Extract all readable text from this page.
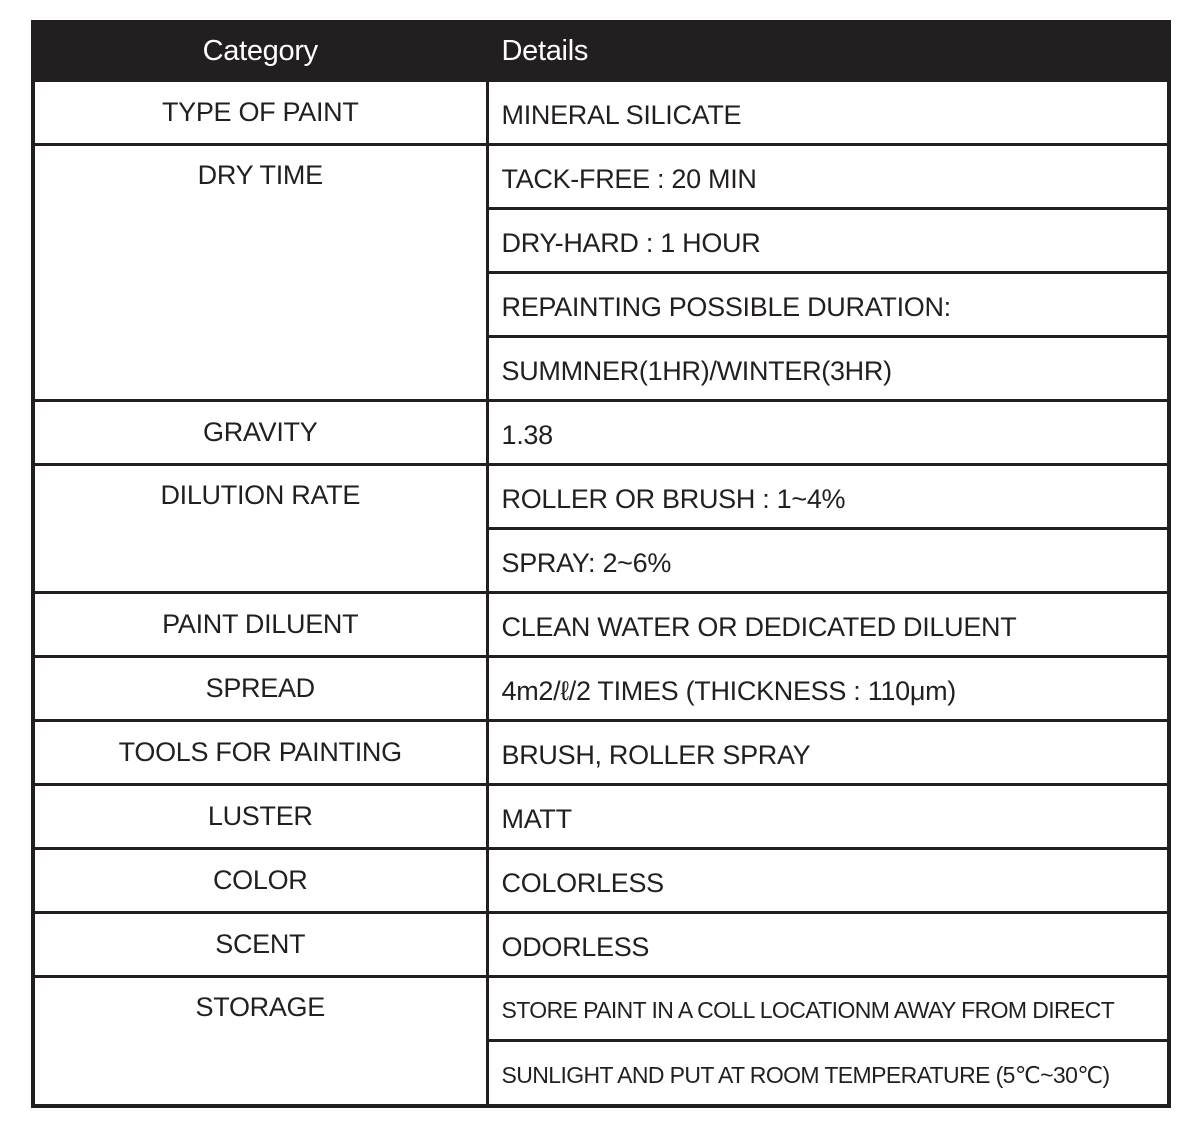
Category	Details
TYPE OF PAINT	MINERAL SILICATE
DRY TIME	TACK-FREE : 20 MIN
	DRY-HARD : 1 HOUR
	REPAINTING POSSIBLE DURATION:
	SUMMNER(1HR)/WINTER(3HR)
GRAVITY	1.38
DILUTION RATE	ROLLER OR BRUSH : 1~4%
	SPRAY: 2~6%
PAINT DILUENT	CLEAN WATER OR DEDICATED DILUENT
SPREAD	4m2/ℓ/2 TIMES (THICKNESS : 110μm)
TOOLS FOR PAINTING	BRUSH, ROLLER SPRAY
LUSTER	MATT
COLOR	COLORLESS
SCENT	ODORLESS
STORAGE	STORE PAINT IN A COLL LOCATIONM AWAY FROM DIRECT
	SUNLIGHT AND PUT AT ROOM TEMPERATURE (5℃~30℃)
